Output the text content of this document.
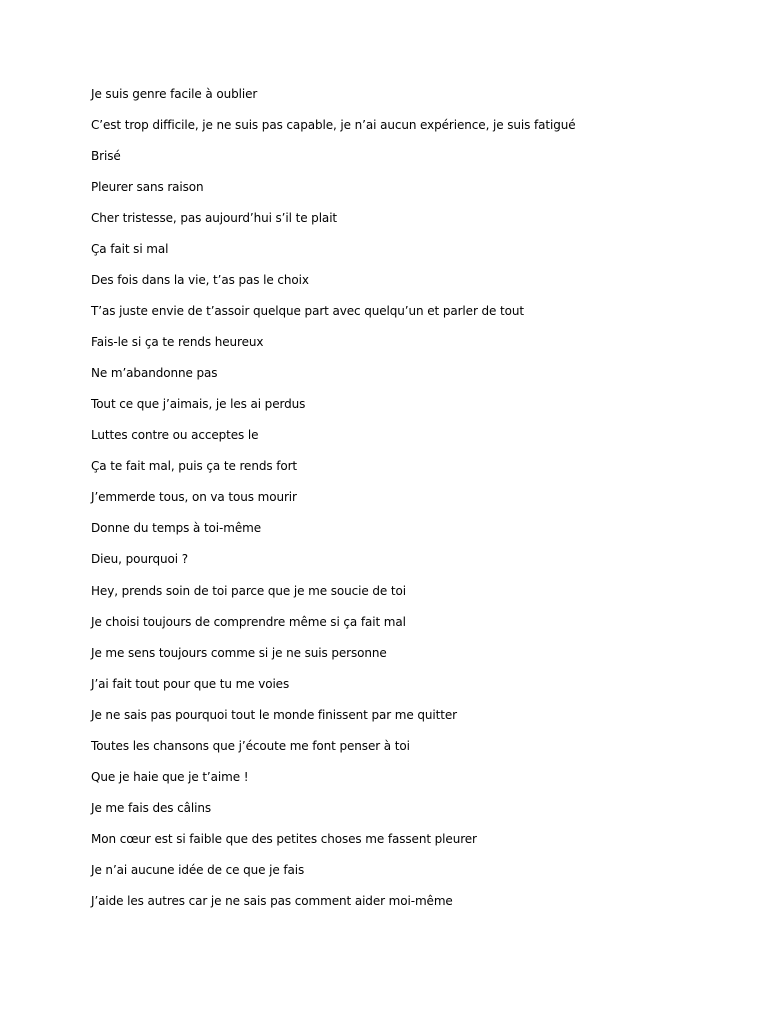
Je suis genre facile à oublier
C’est trop difficile, je ne suis pas capable, je n’ai aucun expérience, je suis fatigué
Brisé
Pleurer sans raison
Cher tristesse, pas aujourd’hui s’il te plait
Ça fait si mal
Des fois dans la vie, t’as pas le choix
T’as juste envie de t’assoir quelque part avec quelqu’un et parler de tout
Fais-le si ça te rends heureux
Ne m’abandonne pas
Tout ce que j’aimais, je les ai perdus
Luttes contre ou acceptes le
Ça te fait mal, puis ça te rends fort
J’emmerde tous, on va tous mourir
Donne du temps à toi-même
Dieu, pourquoi ?
Hey, prends soin de toi parce que je me soucie de toi
Je choisi toujours de comprendre même si ça fait mal
Je me sens toujours comme si je ne suis personne
J’ai fait tout pour que tu me voies
Je ne sais pas pourquoi tout le monde finissent par me quitter
Toutes les chansons que j’écoute me font penser à toi
Que je haie que je t’aime !
Je me fais des câlins
Mon cœur est si faible que des petites choses me fassent pleurer
Je n’ai aucune idée de ce que je fais
J’aide les autres car je ne sais pas comment aider moi-même
